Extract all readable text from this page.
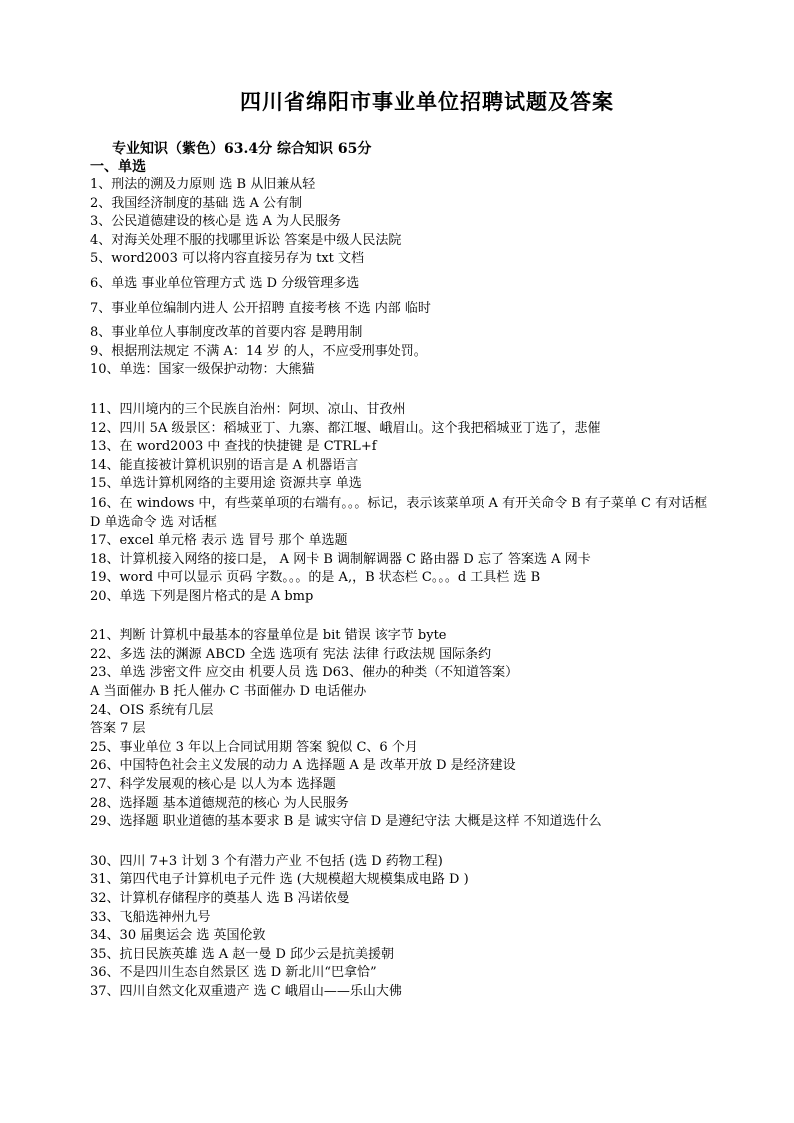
四川省绵阳市事业单位招聘试题及答案
专业知识（紫色）63.4分 综合知识 65分
一、单选
1、刑法的溯及力原则 选 B 从旧兼从轻
2、我国经济制度的基础 选 A 公有制
3、公民道德建设的核心是 选 A 为人民服务
4、对海关处理不服的找哪里诉讼 答案是中级人民法院
5、word2003 可以将内容直接另存为 txt 文档
6、单选 事业单位管理方式 选 D 分级管理多选
7、事业单位编制内进人 公开招聘 直接考核 不选 内部 临时
8、事业单位人事制度改革的首要内容 是聘用制
9、根据刑法规定 不满 A：14 岁 的人，不应受刑事处罚。
10、单选：国家一级保护动物：大熊猫
11、四川境内的三个民族自治州：阿坝、凉山、甘孜州
12、四川 5A 级景区：稻城亚丁、九寨、都江堰、峨眉山。这个我把稻城亚丁选了，悲催
13、在 word2003 中 查找的快捷键 是 CTRL+f
14、能直接被计算机识别的语言是 A 机器语言
15、单选计算机网络的主要用途 资源共享 单选
16、在 windows 中，有些菜单项的右端有。。。标记，表示该菜单项 A 有开关命令 B 有子菜单 C 有对话框 D 单选命令 选 对话框
17、excel 单元格 表示 选 冒号 那个 单选题
18、计算机接入网络的接口是， A 网卡 B 调制解调器 C 路由器 D 忘了 答案选 A 网卡
19、word 中可以显示 页码 字数。。。的是 A,，B 状态栏 C。。。d 工具栏 选 B
20、单选 下列是图片格式的是 A bmp
21、判断 计算机中最基本的容量单位是 bit 错误 该字节 byte
22、多选 法的渊源 ABCD 全选 选项有 宪法 法律 行政法规 国际条约
23、单选 涉密文件 应交由 机要人员 选 D63、催办的种类（不知道答案）
A 当面催办 B 托人催办 C 书面催办 D 电话催办
24、OIS 系统有几层
答案 7 层
25、事业单位 3 年以上合同试用期 答案 貌似 C、6 个月
26、中国特色社会主义发展的动力 A 选择题 A 是 改革开放 D 是经济建设
27、科学发展观的核心是 以人为本 选择题
28、选择题 基本道德规范的核心 为人民服务
29、选择题 职业道德的基本要求 B 是 诚实守信 D 是遵纪守法 大概是这样 不知道选什么
30、四川 7+3 计划 3 个有潜力产业 不包括 (选 D 药物工程)
31、第四代电子计算机电子元件 选 (大规模超大规模集成电路 D )
32、计算机存储程序的奠基人 选 B 冯诺依曼
33、飞船选神州九号
34、30 届奥运会 选 英国伦敦
35、抗日民族英雄 选 A 赵一曼 D 邱少云是抗美援朝
36、不是四川生态自然景区 选 D 新北川“巴拿恰”
37、四川自然文化双重遗产 选 C 峨眉山——乐山大佛
